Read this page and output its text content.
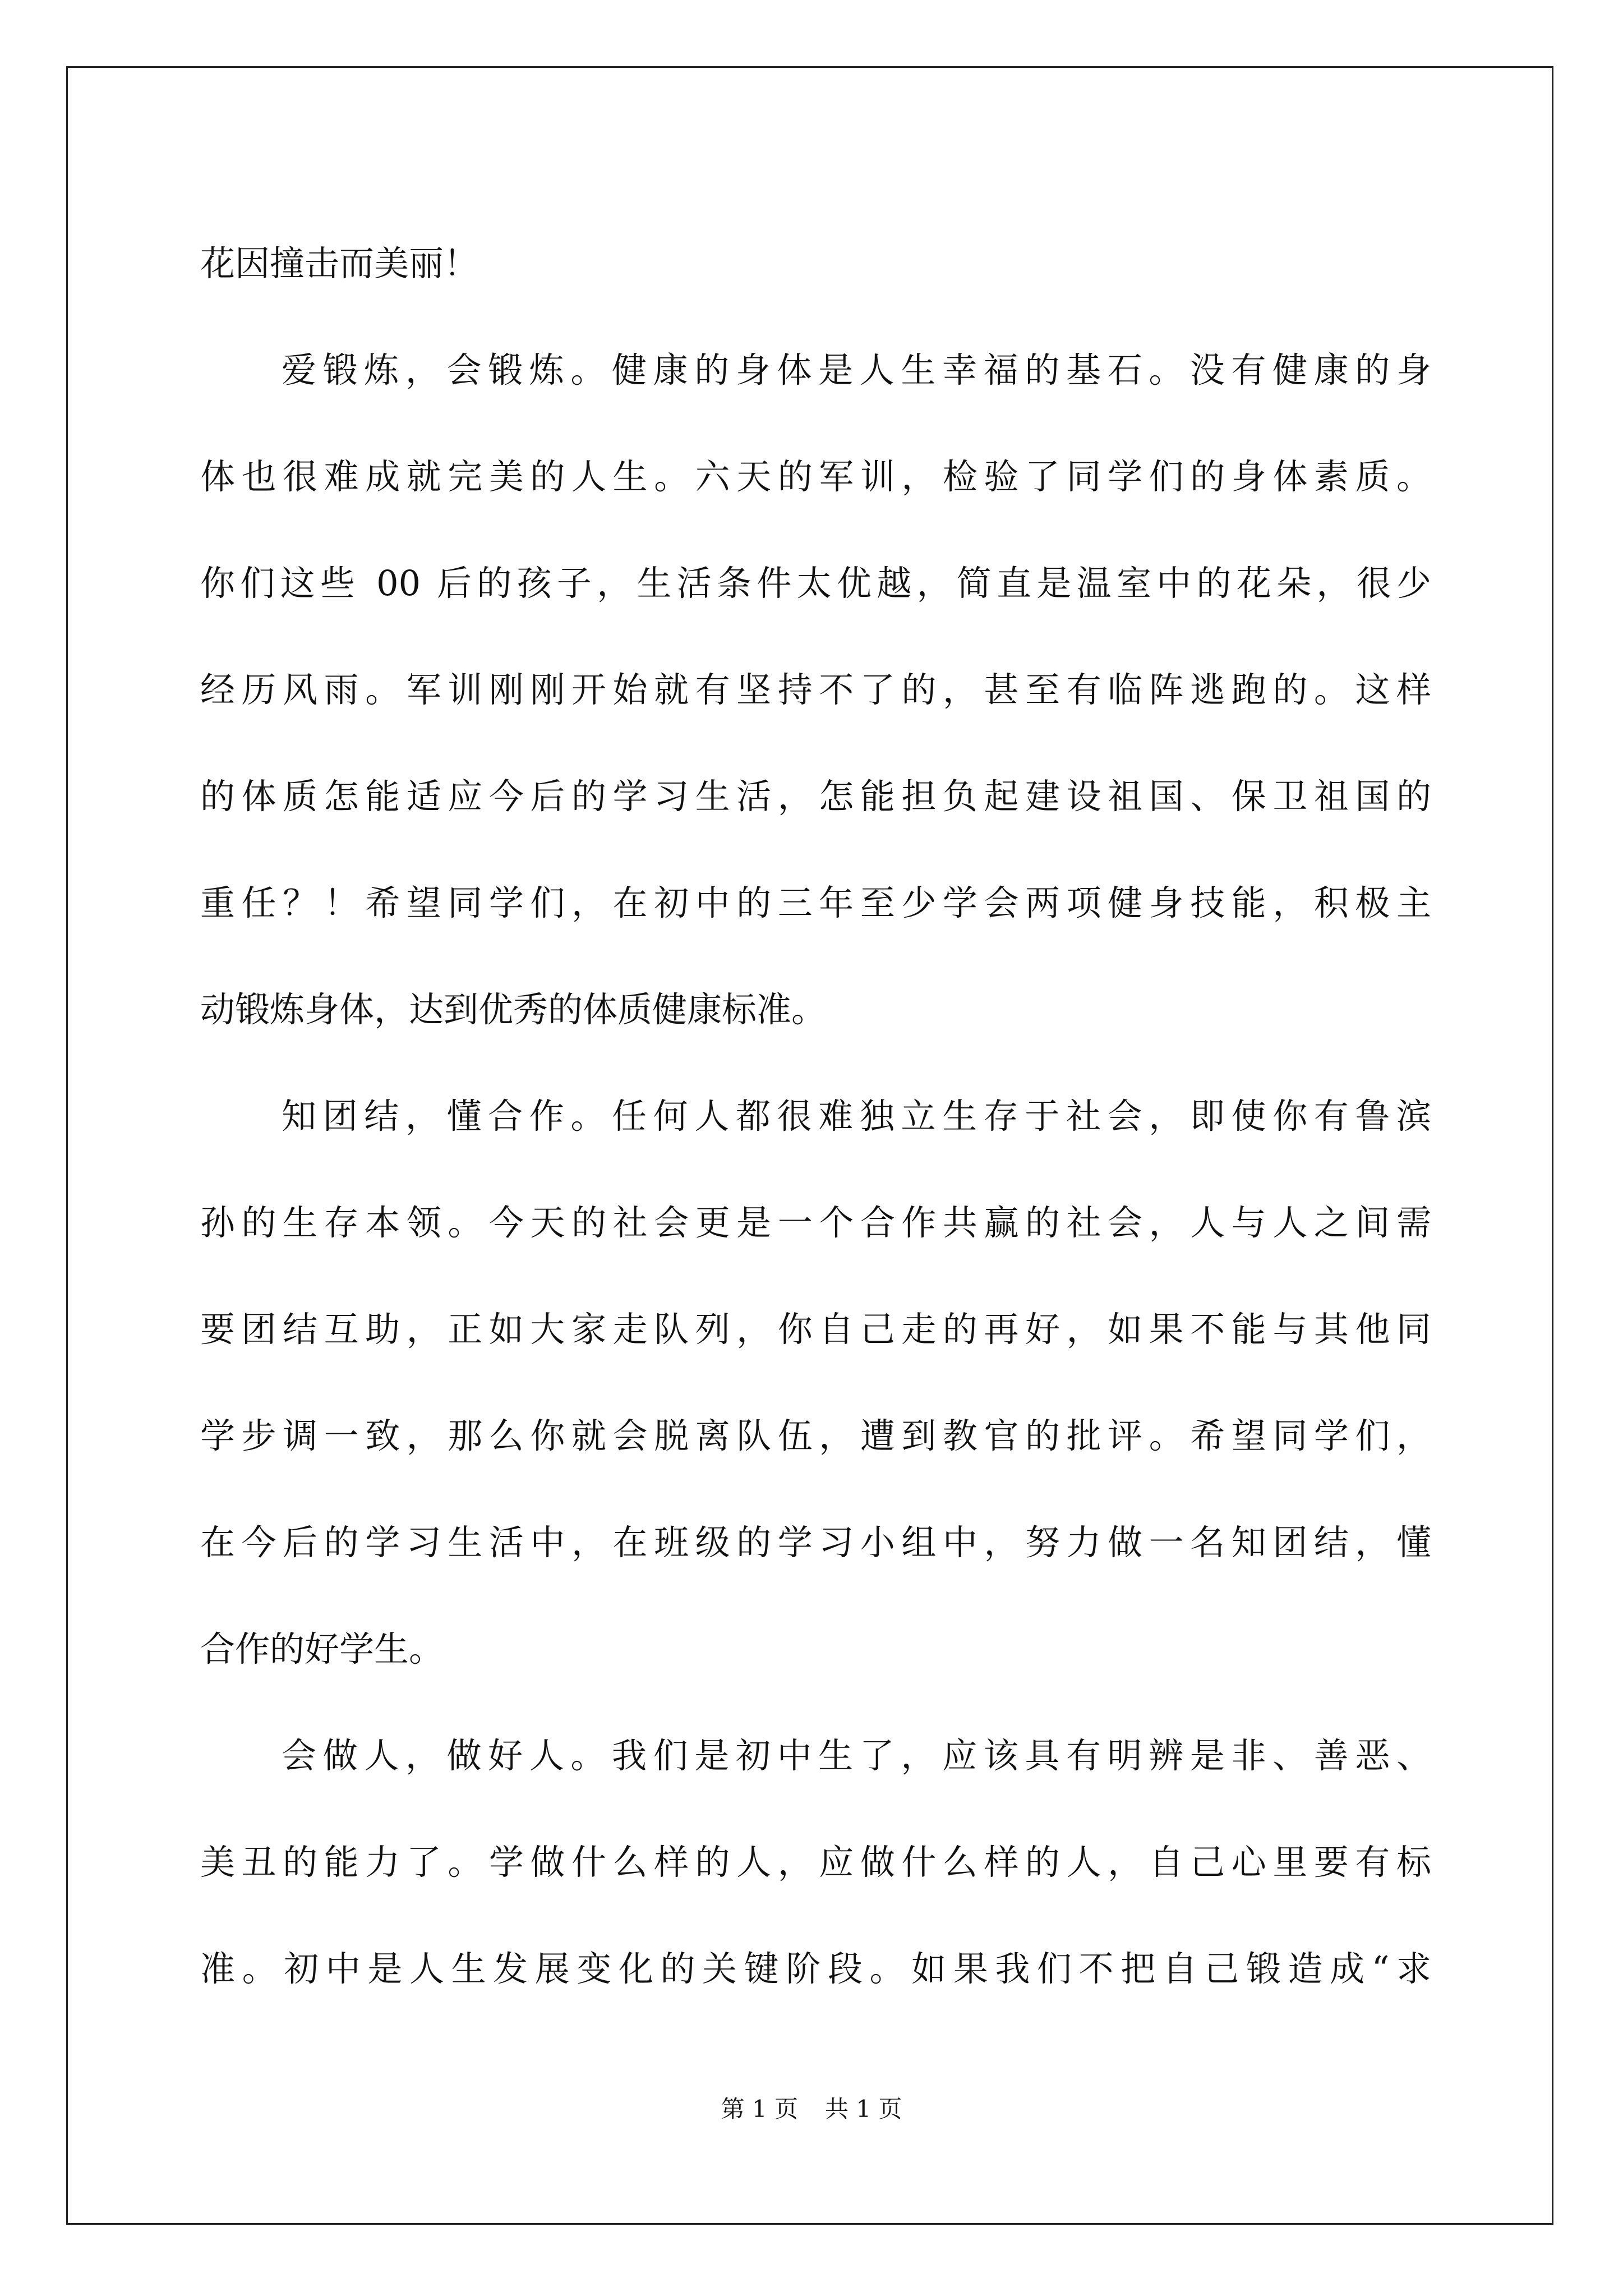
花因撞击而美丽！
爱锻炼，会锻炼。健康的身体是人生幸福的基石。没有健康的身
体也很难成就完美的人生。六天的军训，检验了同学们的身体素质。
你们这些 00 后的孩子，生活条件太优越，简直是温室中的花朵，很少
经历风雨。军训刚刚开始就有坚持不了的，甚至有临阵逃跑的。这样
的体质怎能适应今后的学习生活，怎能担负起建设祖国、保卫祖国的
重任？！希望同学们，在初中的三年至少学会两项健身技能，积极主
动锻炼身体，达到优秀的体质健康标准。
知团结，懂合作。任何人都很难独立生存于社会，即使你有鲁滨
孙的生存本领。今天的社会更是一个合作共赢的社会，人与人之间需
要团结互助，正如大家走队列，你自己走的再好，如果不能与其他同
学步调一致，那么你就会脱离队伍，遭到教官的批评。希望同学们，
在今后的学习生活中，在班级的学习小组中，努力做一名知团结，懂
合作的好学生。
会做人，做好人。我们是初中生了，应该具有明辨是非、善恶、
美丑的能力了。学做什么样的人，应做什么样的人，自己心里要有标
准。初中是人生发展变化的关键阶段。如果我们不把自己锻造成“求
第 1 页 共 1 页
